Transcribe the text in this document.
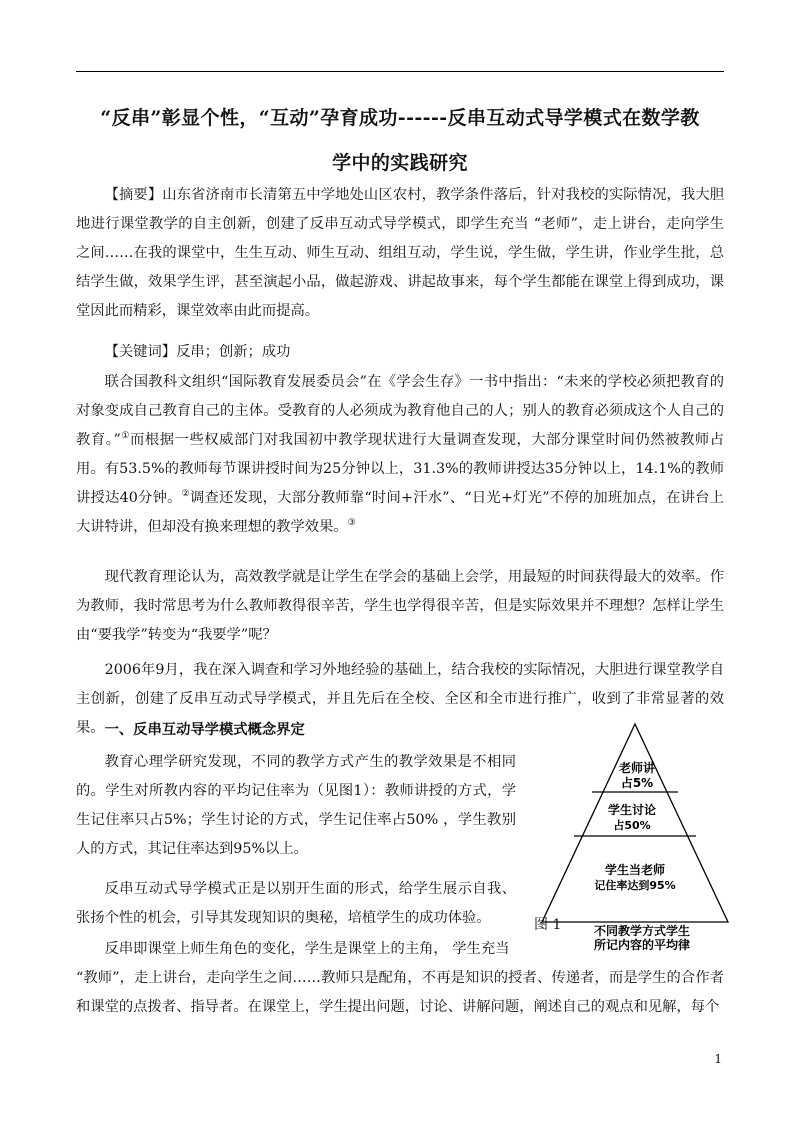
“反串”彰显个性，“互动”孕育成功------反串互动式导学模式在数学教
学中的实践研究

【摘要】山东省济南市长清第五中学地处山区农村，教学条件落后，针对我校的实际情况，我大胆地进行课堂教学的自主创新，创建了反串互动式导学模式，即学生充当 “老师”，走上讲台，走向学生之间……在我的课堂中，生生互动、师生互动、组组互动，学生说，学生做，学生讲，作业学生批，总结学生做，效果学生评，甚至演起小品，做起游戏、讲起故事来，每个学生都能在课堂上得到成功，课堂因此而精彩，课堂效率由此而提高。

【关键词】反串；创新；成功

联合国教科文组织“国际教育发展委员会”在《学会生存》一书中指出：“未来的学校必须把教育的对象变成自己教育自己的主体。受教育的人必须成为教育他自己的人；别人的教育必须成这个人自己的教育。”①而根据一些权威部门对我国初中教学现状进行大量调查发现，大部分课堂时间仍然被教师占用。有53.5%的教师每节课讲授时间为25分钟以上，31.3%的教师讲授达35分钟以上，14.1%的教师讲授达40分钟。②调查还发现，大部分教师靠“时间+汗水”、“日光+灯光”不停的加班加点，在讲台上大讲特讲，但却没有换来理想的教学效果。③

现代教育理论认为，高效教学就是让学生在学会的基础上会学，用最短的时间获得最大的效率。作为教师，我时常思考为什么教师教得很辛苦，学生也学得很辛苦，但是实际效果并不理想？怎样让学生由“要我学”转变为“我要学”呢？

2006年9月，我在深入调查和学习外地经验的基础上，结合我校的实际情况，大胆进行课堂教学自主创新，创建了反串互动式导学模式，并且先后在全校、全区和全市进行推广，收到了非常显著的效果。 一、反串互动导学模式概念界定

教育心理学研究发现，不同的教学方式产生的教学效果是不相同的。学生对所教内容的平均记住率为（见图1）：教师讲授的方式，学生记住率只占5%；学生讨论的方式，学生记住率占50% ，学生教别人的方式，其记住率达到95%以上。

反串互动式导学模式正是以别开生面的形式，给学生展示自我、张扬个性的机会，引导其发现知识的奥秘，培植学生的成功体验。

反串即课堂上师生角色的变化，学生是课堂上的主角， 学生充当

“教师”，走上讲台，走向学生之间……教师只是配角，不再是知识的授者、传递者，而是学生的合作者和课堂的点拨者、指导者。在课堂上，学生提出问题，讨论、讲解问题，阐述自己的观点和见解，每个

老师讲
占5%
学生讨论
占50%
学生当老师
记住率达到95%
不同教学方式学生
所记内容的平均律

图 1

1
